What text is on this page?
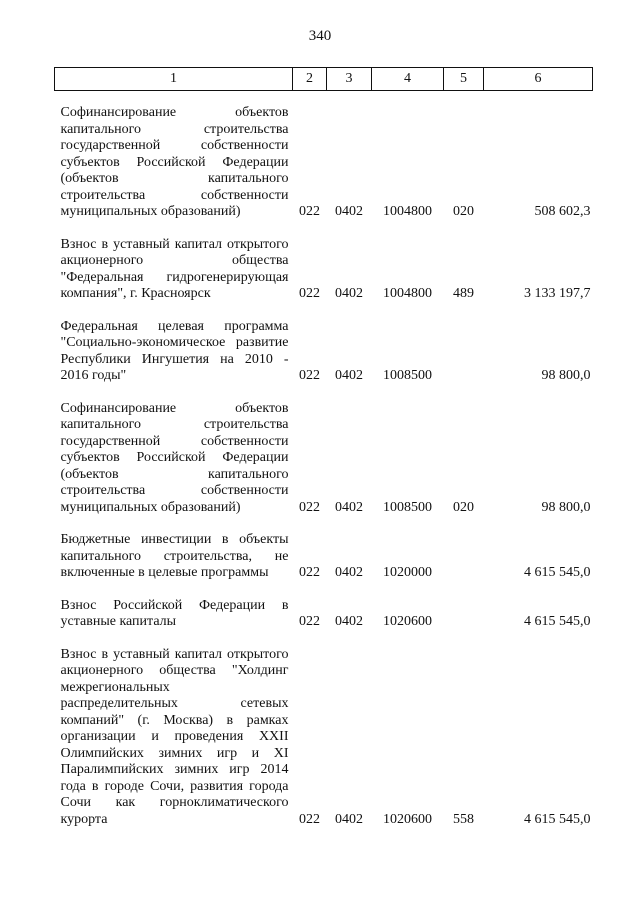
340
1	2	3	4	5	6
Софинансирование объектов капитального строительства государственной собственности субъектов Российской Федерации (объектов капитального строительства собственности муниципальных образований)	022	0402	1004800	020	508 602,3

Взнос в уставный капитал открытого акционерного общества "Федеральная гидрогенерирующая компания", г. Красноярск	022	0402	1004800	489	3 133 197,7

Федеральная целевая программа "Социально-экономическое развитие Республики Ингушетия на 2010 - 2016 годы"	022	0402	1008500		98 800,0

Софинансирование объектов капитального строительства государственной собственности субъектов Российской Федерации (объектов капитального строительства собственности муниципальных образований)	022	0402	1008500	020	98 800,0

Бюджетные инвестиции в объекты капитального строительства, не включенные в целевые программы	022	0402	1020000		4 615 545,0

Взнос Российской Федерации в уставные капиталы	022	0402	1020600		4 615 545,0

Взнос в уставный капитал открытого акционерного общества "Холдинг межрегиональных распределительных сетевых компаний" (г. Москва) в рамках организации и проведения XXII Олимпийских зимних игр и XI Паралимпийских зимних игр 2014 года в городе Сочи, развития города Сочи как горноклиматического курорта	022	0402	1020600	558	4 615 545,0
